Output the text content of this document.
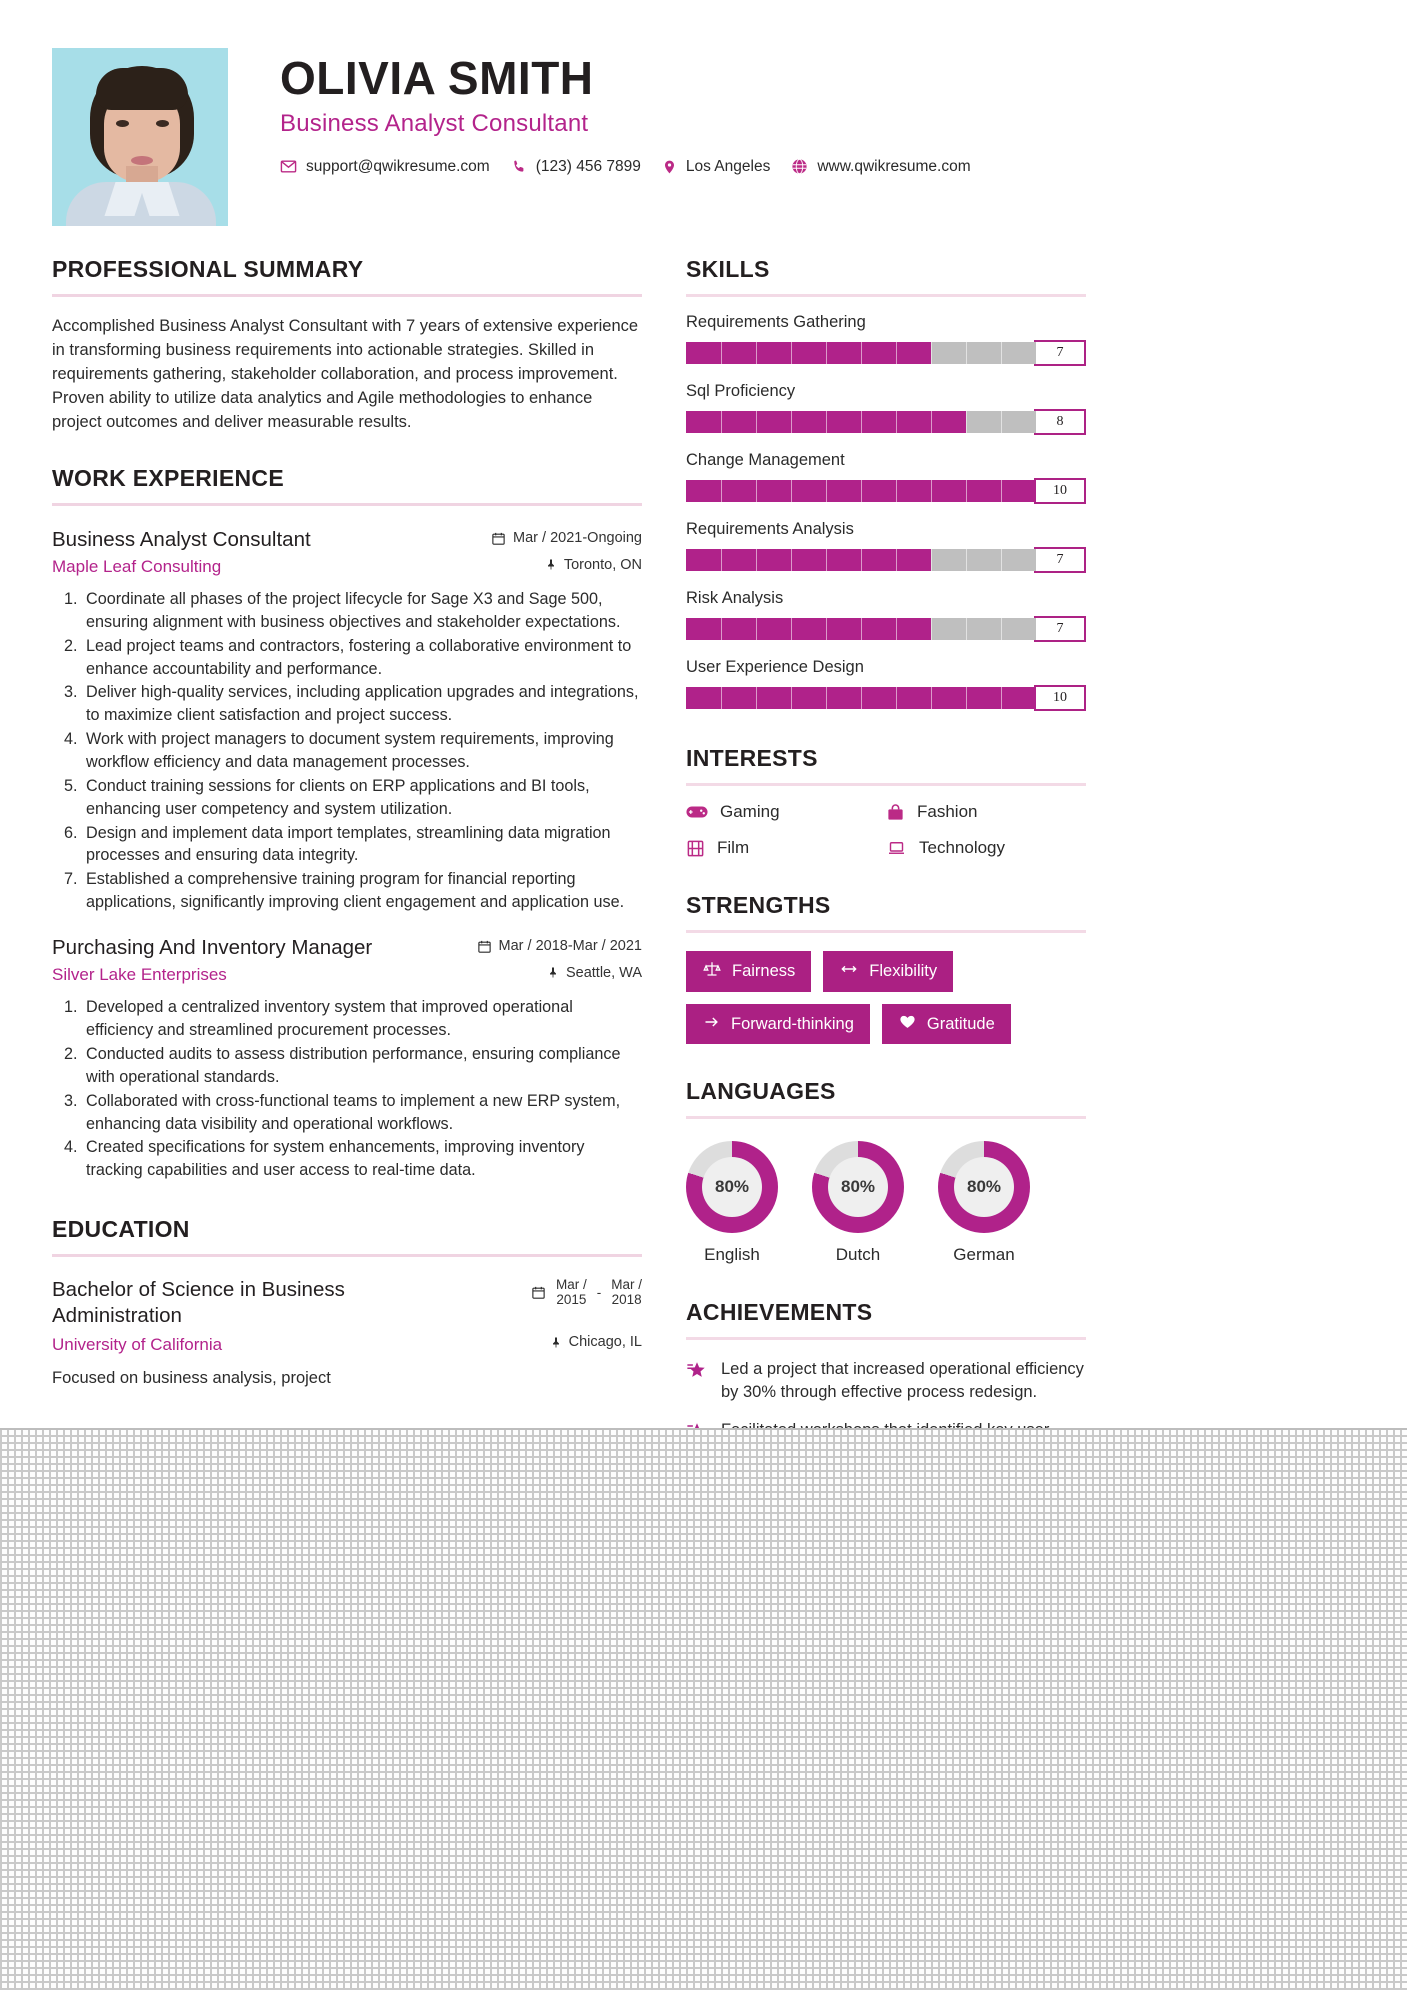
OLIVIA SMITH
Business Analyst Consultant
support@qwikresume.com	(123) 456 7899	Los Angeles	www.qwikresume.com
PROFESSIONAL SUMMARY

Accomplished Business Analyst Consultant with 7 years of extensive experience in transforming business requirements into actionable strategies. Skilled in requirements gathering, stakeholder collaboration, and process improvement. Proven ability to utilize data analytics and Agile methodologies to enhance project outcomes and deliver measurable results.

WORK EXPERIENCE
Business Analyst Consultant	Mar / 2021-Ongoing
Maple Leaf Consulting	Toronto, ON
1. Coordinate all phases of the project lifecycle for Sage X3 and Sage 500, ensuring alignment with business objectives and stakeholder expectations.
2. Lead project teams and contractors, fostering a collaborative environment to enhance accountability and performance.
3. Deliver high-quality services, including application upgrades and integrations, to maximize client satisfaction and project success.
4. Work with project managers to document system requirements, improving workflow efficiency and data management processes.
5. Conduct training sessions for clients on ERP applications and BI tools, enhancing user competency and system utilization.
6. Design and implement data import templates, streamlining data migration processes and ensuring data integrity.
7. Established a comprehensive training program for financial reporting applications, significantly improving client engagement and application use.
Purchasing And Inventory Manager	Mar / 2018-Mar / 2021
Silver Lake Enterprises	Seattle, WA
1. Developed a centralized inventory system that improved operational efficiency and streamlined procurement processes.
2. Conducted audits to assess distribution performance, ensuring compliance with operational standards.
3. Collaborated with cross-functional teams to implement a new ERP system, enhancing data visibility and operational workflows.
4. Created specifications for system enhancements, improving inventory tracking capabilities and user access to real-time data.
EDUCATION
Bachelor of Science in Business Administration
Mar /
2015 -
Mar /
2018
University of California	Chicago, IL

Focused on business analysis, project

SKILLS
Requirements Gathering
7
Sql Proficiency
8
Change Management
10
Requirements Analysis
7
Risk Analysis
7
User Experience Design
10
INTERESTS
Gaming	Fashion
Film	Technology
STRENGTHS
Fairness	Flexibility
Forward-thinking	Gratitude
LANGUAGES
80%
English
80%
Dutch
80%
German
ACHIEVEMENTS
Led a project that increased operational efficiency by 30% through effective process redesign.
